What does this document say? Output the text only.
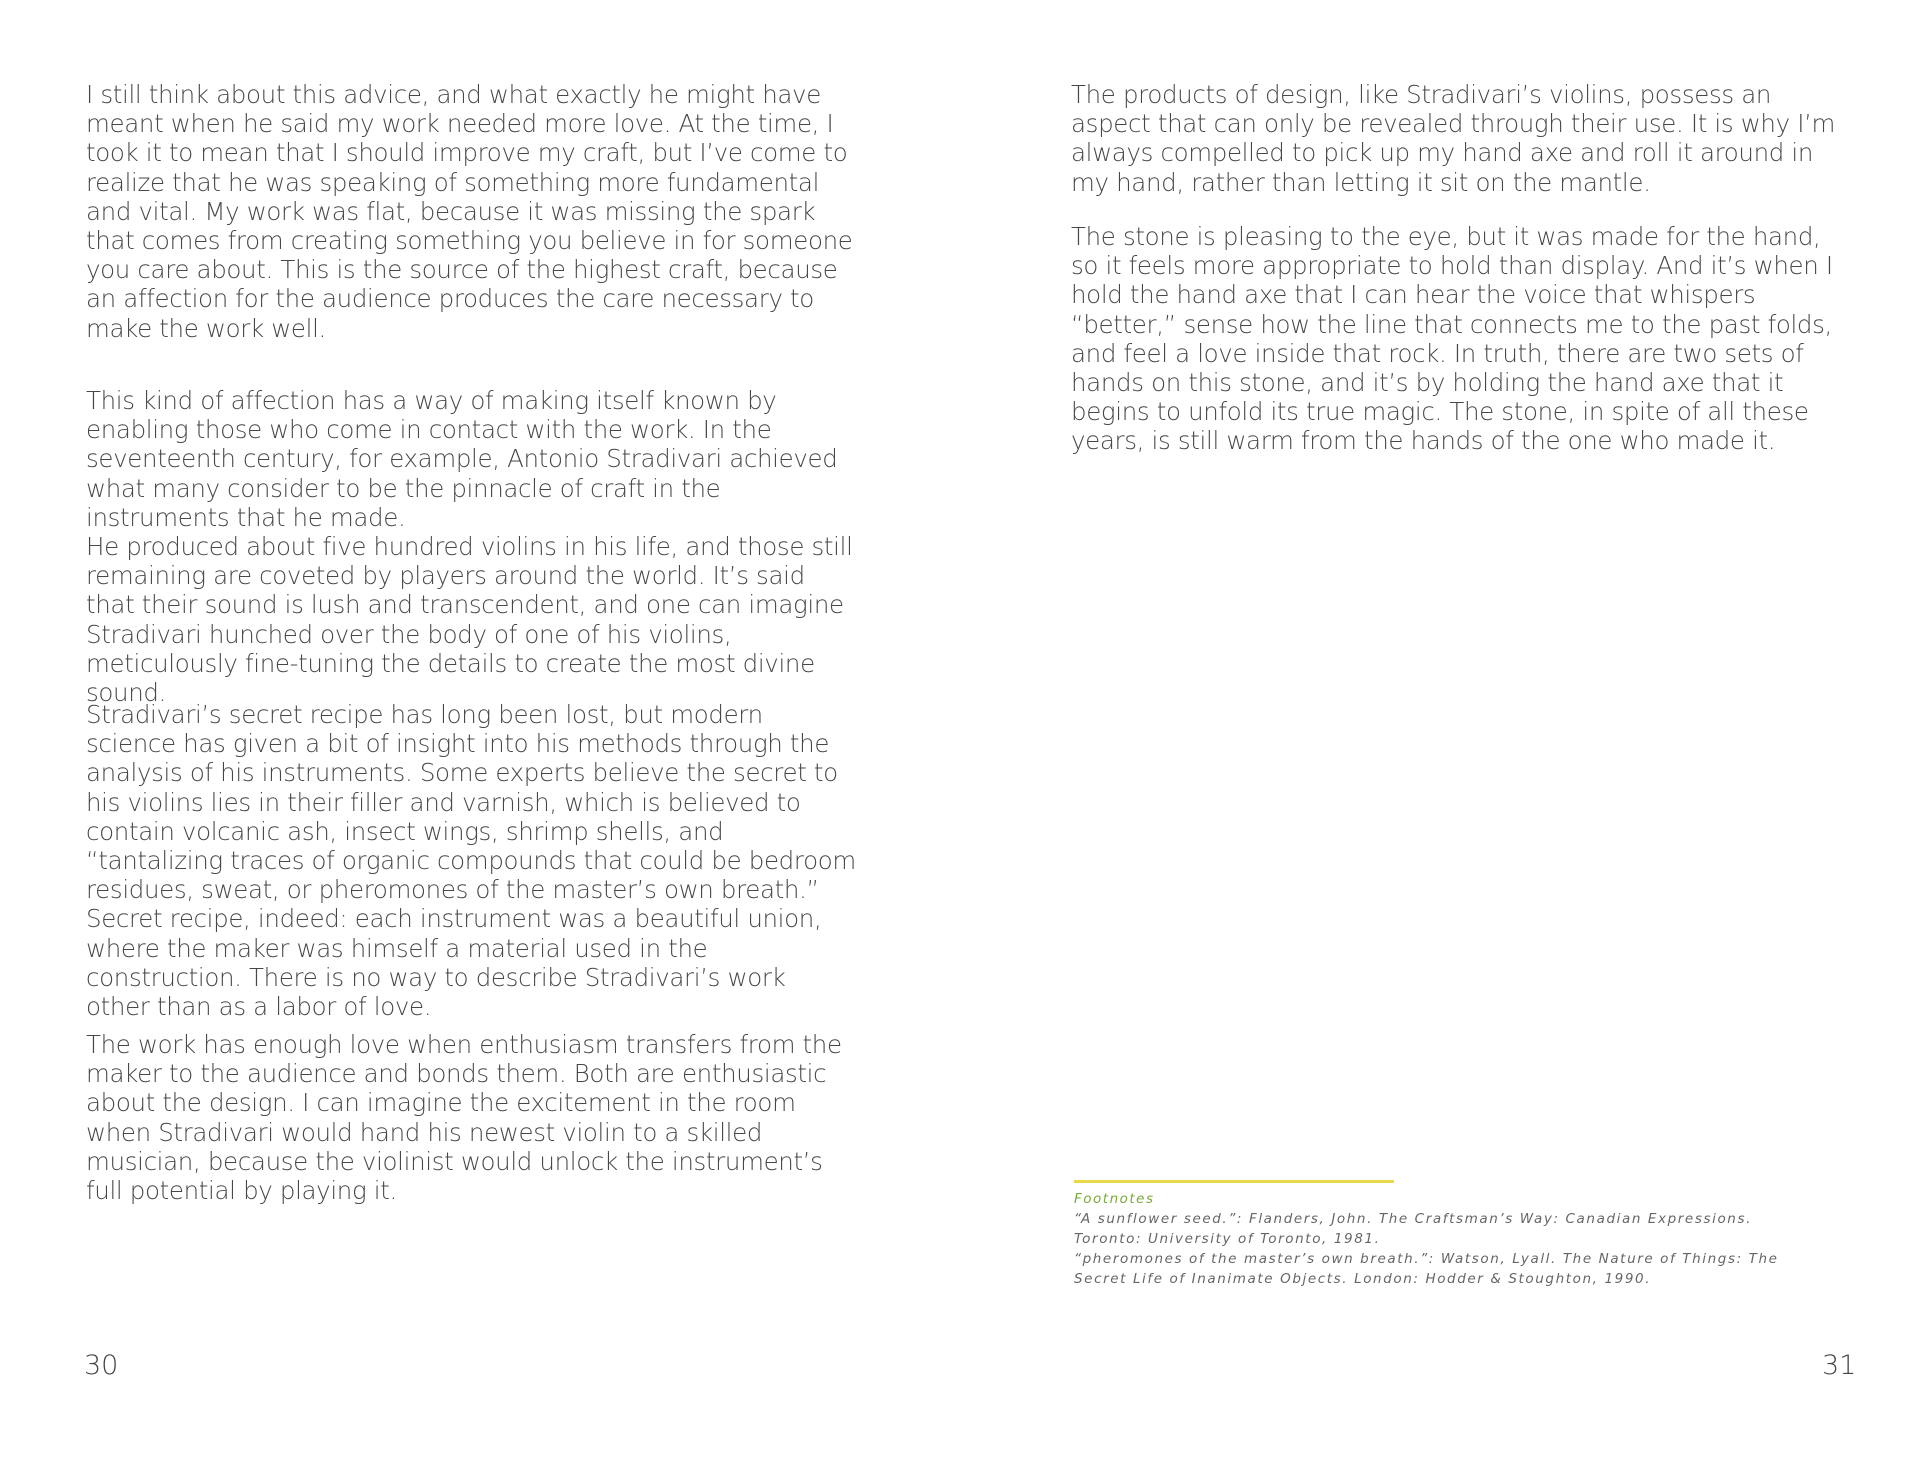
I still think about this advice, and what exactly he might have meant when he said my work needed more love. At the time, I took it to mean that I should improve my craft, but I’ve come to realize that he was speaking of something more fundamental and vital. My work was flat, because it was missing the spark that comes from creating something you believe in for someone you care about. This is the source of the highest craft, because an affection for the audience produces the care necessary to make the work well.

This kind of affection has a way of making itself known by enabling those who come in contact with the work. In the seventeenth century, for example, Antonio Stradivari achieved what many consider to be the pinnacle of craft in the instruments that he made.

He produced about five hundred violins in his life, and those still remaining are coveted by players around the world. It’s said that their sound is lush and transcendent, and one can imagine Stradivari hunched over the body of one of his violins, meticulously fine-tuning the details to create the most divine sound.

Stradivari’s secret recipe has long been lost, but modern science has given a bit of insight into his methods through the analysis of his instruments. Some experts believe the secret to his violins lies in their filler and varnish, which is believed to contain volcanic ash, insect wings, shrimp shells, and “tantalizing traces of organic compounds that could be bedroom residues, sweat, or pheromones of the master’s own breath.” Secret recipe, indeed: each instrument was a beautiful union, where the maker was himself a material used in the construction. There is no way to describe Stradivari’s work other than as a labor of love.

The work has enough love when enthusiasm transfers from the maker to the audience and bonds them. Both are enthusiastic about the design. I can imagine the excitement in the room when Stradivari would hand his newest violin to a skilled musician, because the violinist would unlock the instrument’s full potential by playing it.

The products of design, like Stradivari’s violins, possess an aspect that can only be revealed through their use. It is why I’m always compelled to pick up my hand axe and roll it around in my hand, rather than letting it sit on the mantle.

The stone is pleasing to the eye, but it was made for the hand, so it feels more appropriate to hold than display. And it’s when I hold the hand axe that I can hear the voice that whispers “better,” sense how the line that connects me to the past folds, and feel a love inside that rock. In truth, there are two sets of hands on this stone, and it’s by holding the hand axe that it begins to unfold its true magic. The stone, in spite of all these years, is still warm from the hands of the one who made it.

Footnotes

“A sunflower seed.”: Flanders, John. The Craftsman’s Way: Canadian Expressions. Toronto: University of Toronto, 1981.

“pheromones of the master’s own breath.”: Watson, Lyall. The Nature of Things: The Secret Life of Inanimate Objects. London: Hodder & Stoughton, 1990.

30	31
